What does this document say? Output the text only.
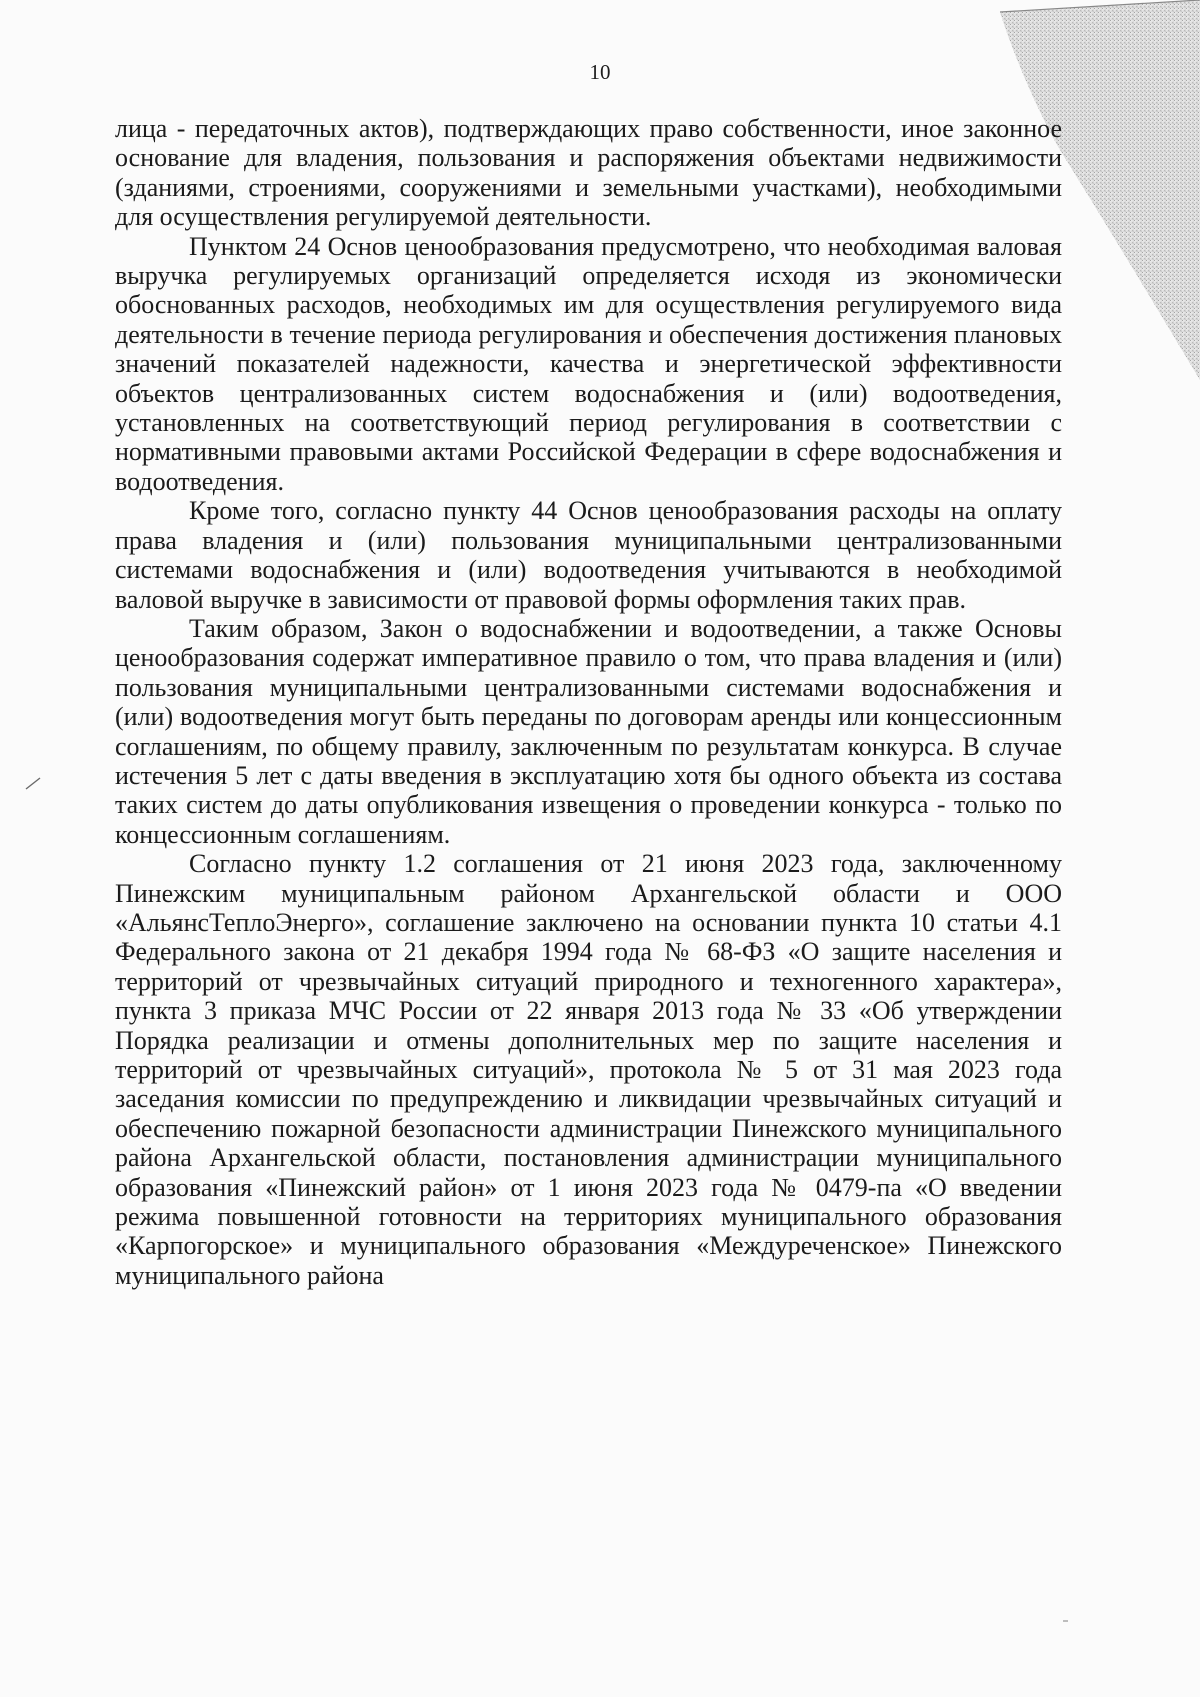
10

лица - передаточных актов), подтверждающих право собственности, иное законное основание для владения, пользования и распоряжения объектами недвижимости (зданиями, строениями, сооружениями и земельными участками), необходимыми для осуществления регулируемой деятельности.

Пунктом 24 Основ ценообразования предусмотрено, что необходимая валовая выручка регулируемых организаций определяется исходя из экономически обоснованных расходов, необходимых им для осуществления регулируемого вида деятельности в течение периода регулирования и обеспечения достижения плановых значений показателей надежности, качества и энергетической эффективности объектов централизованных систем водоснабжения и (или) водоотведения, установленных на соответствующий период регулирования в соответствии с нормативными правовыми актами Российской Федерации в сфере водоснабжения и водоотведения.

Кроме того, согласно пункту 44 Основ ценообразования расходы на оплату права владения и (или) пользования муниципальными централизованными системами водоснабжения и (или) водоотведения учитываются в необходимой валовой выручке в зависимости от правовой формы оформления таких прав.

Таким образом, Закон о водоснабжении и водоотведении, а также Основы ценообразования содержат императивное правило о том, что права владения и (или) пользования муниципальными централизованными системами водоснабжения и (или) водоотведения могут быть переданы по договорам аренды или концессионным соглашениям, по общему правилу, заключенным по результатам конкурса. В случае истечения 5 лет с даты введения в эксплуатацию хотя бы одного объекта из состава таких систем до даты опубликования извещения о проведении конкурса - только по концессионным соглашениям.

Согласно пункту 1.2 соглашения от 21 июня 2023 года, заключенному Пинежским муниципальным районом Архангельской области и ООО «АльянсТеплоЭнерго», соглашение заключено на основании пункта 10 статьи 4.1 Федерального закона от 21 декабря 1994 года № 68-ФЗ «О защите населения и территорий от чрезвычайных ситуаций природного и техногенного характера», пункта 3 приказа МЧС России от 22 января 2013 года № 33 «Об утверждении Порядка реализации и отмены дополнительных мер по защите населения и территорий от чрезвычайных ситуаций», протокола № 5 от 31 мая 2023 года заседания комиссии по предупреждению и ликвидации чрезвычайных ситуаций и обеспечению пожарной безопасности администрации Пинежского муниципального района Архангельской области, постановления администрации муниципального образования «Пинежский район» от 1 июня 2023 года № 0479-па «О введении режима повышенной готовности на территориях муниципального образования «Карпогорское» и муниципального образования «Междуреченское» Пинежского муниципального района
